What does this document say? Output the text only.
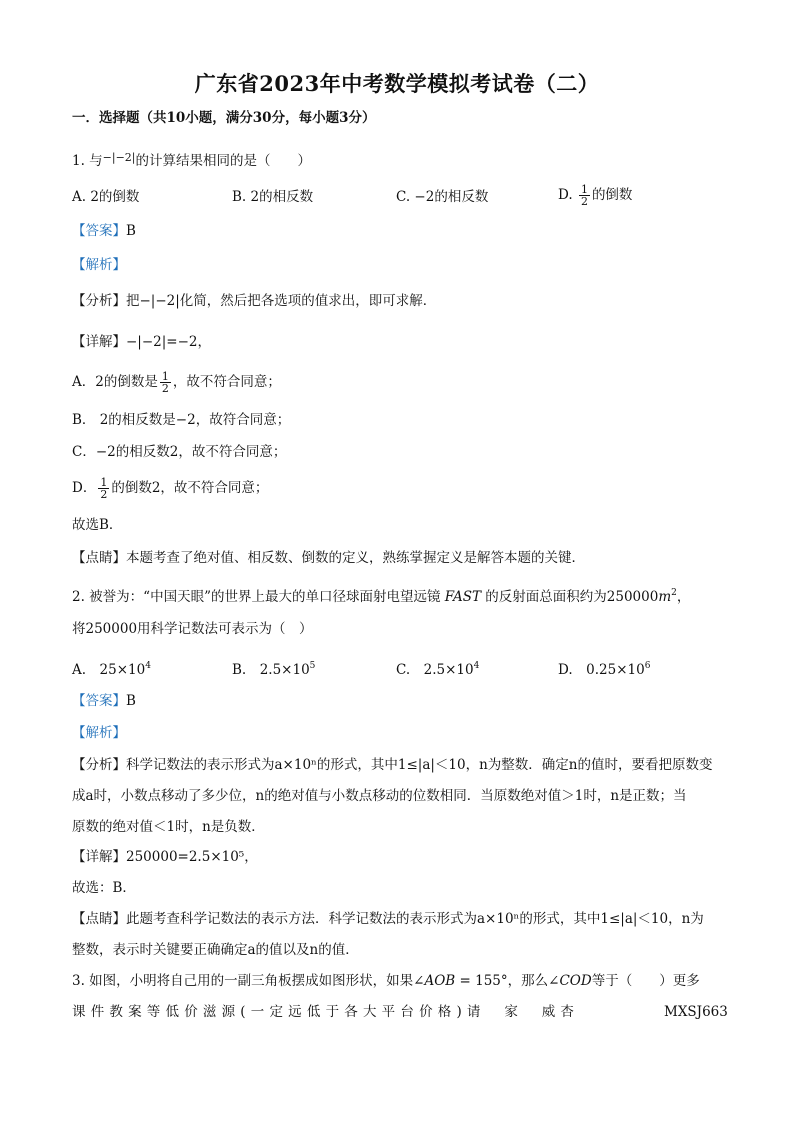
广东省2023年中考数学模拟考试卷（二）
一．选择题（共10小题，满分30分，每小题3分）
1. 与$^{-|-2|}$的计算结果相同的是（　　）
A. 2的倒数	B. 2的相反数	C. −2的相反数	D. $\frac{1}{2}$ 的倒数
【答案】B
【解析】
【分析】把−|−2|化简，然后把各选项的值求出，即可求解．
【详解】−|−2|=−2，
A．2的倒数是 $\frac{1}{2}$ ，故不符合同意；
B． 2的相反数是−2，故符合同意；
C．−2的相反数2，故不符合同意；
D． $\frac{1}{2}$ 的倒数2，故不符合同意；
故选B．
【点睛】本题考查了绝对值、相反数、倒数的定义，熟练掌握定义是解答本题的关键．
2. 被誉为：“中国天眼”的世界上最大的单口径球面射电望远镜 FAST 的反射面总面积约为$250000m^2$，
将250000用科学记数法可表示为（　）
A.　$25\times 10^4$	B.　$2.5\times 10^5$	C.　$2.5\times 10^4$	D.　$0.25\times 10^6$
【答案】B
【解析】
【分析】科学记数法的表示形式为a×10ⁿ的形式，其中1≤|a|＜10，n为整数．确定n的值时，要看把原数变
成a时，小数点移动了多少位，n的绝对值与小数点移动的位数相同．当原数绝对值＞1时，n是正数；当
原数的绝对值＜1时，n是负数．
【详解】250000=2.5×10⁵，
故选：B．
【点睛】此题考查科学记数法的表示方法．科学记数法的表示形式为a×10ⁿ的形式，其中1≤|a|＜10，n为
整数，表示时关键要正确确定a的值以及n的值．
3. 如图，小明将自己用的一副三角板摆成如图形状，如果∠AOB = 155°，那么∠COD等于（　　）更多
课件教案等低价滋源(一定远低于各大平台价格)请　家　威杏	MXSJ663
